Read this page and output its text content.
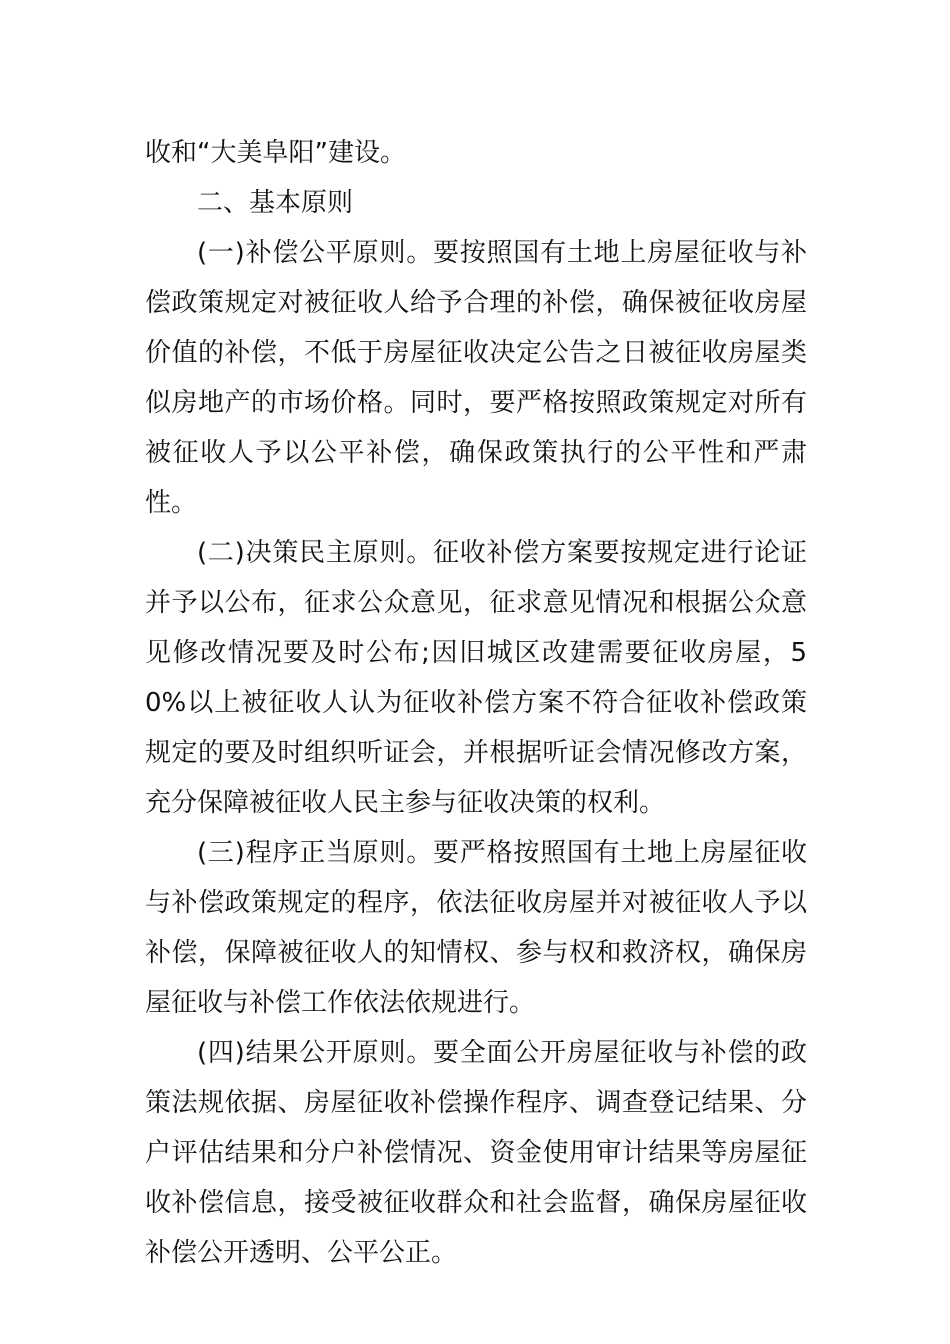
收和“大美阜阳”建设。

二、基本原则

(一)补偿公平原则。要按照国有土地上房屋征收与补偿政策规定对被征收人给予合理的补偿，确保被征收房屋价值的补偿，不低于房屋征收决定公告之日被征收房屋类似房地产的市场价格。同时，要严格按照政策规定对所有被征收人予以公平补偿，确保政策执行的公平性和严肃性。

(二)决策民主原则。征收补偿方案要按规定进行论证并予以公布，征求公众意见，征求意见情况和根据公众意见修改情况要及时公布;因旧城区改建需要征收房屋，50%以上被征收人认为征收补偿方案不符合征收补偿政策规定的要及时组织听证会，并根据听证会情况修改方案，充分保障被征收人民主参与征收决策的权利。

(三)程序正当原则。要严格按照国有土地上房屋征收与补偿政策规定的程序，依法征收房屋并对被征收人予以补偿，保障被征收人的知情权、参与权和救济权，确保房屋征收与补偿工作依法依规进行。

(四)结果公开原则。要全面公开房屋征收与补偿的政策法规依据、房屋征收补偿操作程序、调查登记结果、分户评估结果和分户补偿情况、资金使用审计结果等房屋征收补偿信息，接受被征收群众和社会监督，确保房屋征收补偿公开透明、公平公正。
